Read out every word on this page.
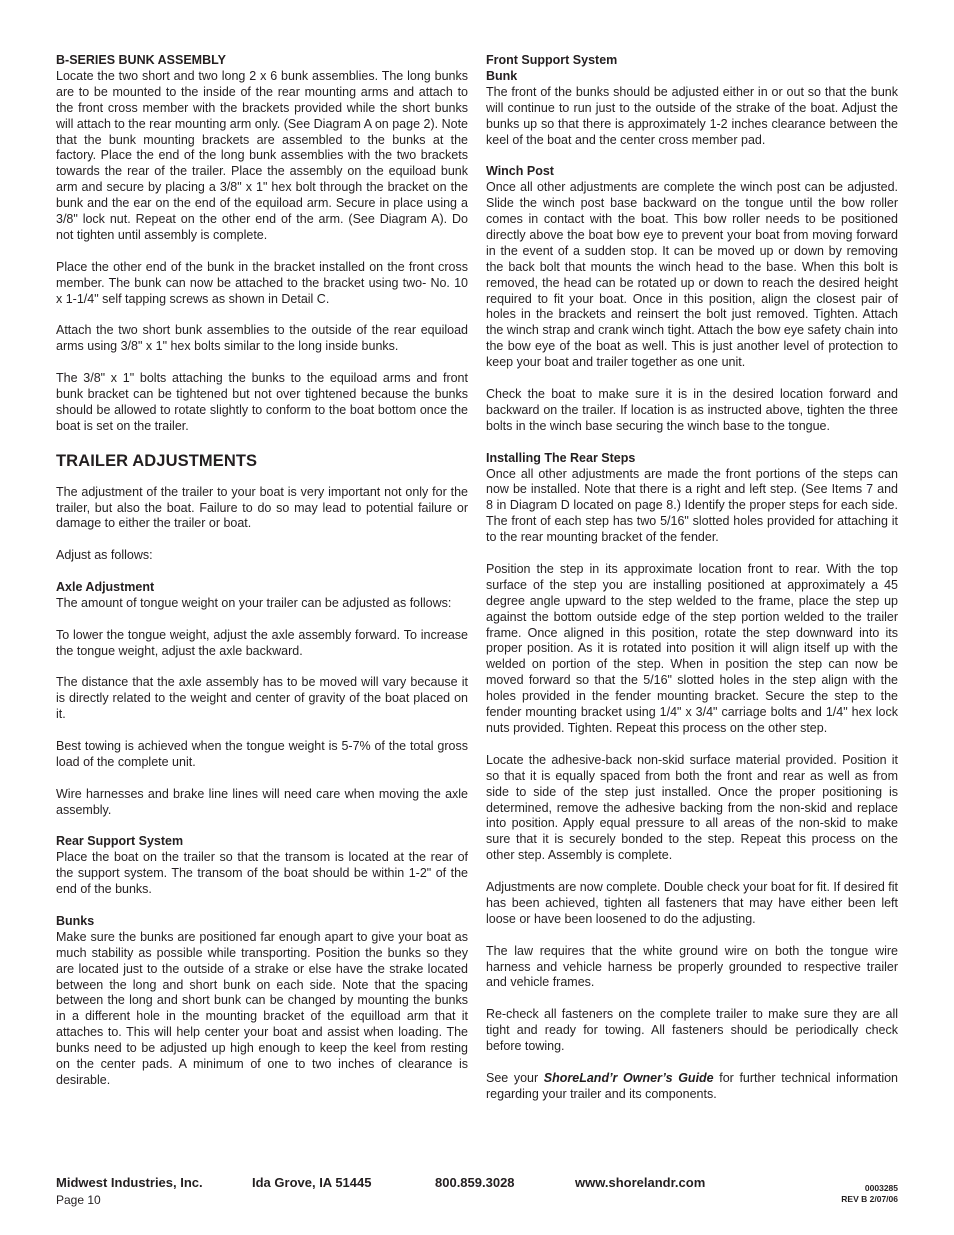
B-SERIES BUNK ASSEMBLY

Locate the two short and two long 2 x 6 bunk assemblies. The long bunks are to be mounted to the inside of the rear mounting arms and attach to the front cross member with the brackets provided while the short bunks will attach to the rear mounting arm only. (See Diagram A on page 2). Note that the bunk mounting brackets are assembled to the bunks at the factory. Place the end of the long bunk assemblies with the two brackets towards the rear of the trailer. Place the assembly on the equiload bunk arm and secure by placing a 3/8" x 1" hex bolt through the bracket on the bunk and the ear on the end of the equiload arm. Secure in place using a 3/8" lock nut. Repeat on the other end of the arm. (See Diagram A). Do not tighten until assembly is complete.

Place the other end of the bunk in the bracket installed on the front cross member. The bunk can now be attached to the bracket using two- No. 10 x 1-1/4" self tapping screws as shown in Detail C.

Attach the two short bunk assemblies to the outside of the rear equiload arms using 3/8" x 1" hex bolts similar to the long inside bunks.

The 3/8" x 1" bolts attaching the bunks to the equiload arms and front bunk bracket can be tightened but not over tightened because the bunks should be allowed to rotate slightly to conform to the boat bottom once the boat is set on the trailer.

TRAILER ADJUSTMENTS

The adjustment of the trailer to your boat is very important not only for the trailer, but also the boat. Failure to do so may lead to potential failure or damage to either the trailer or boat.

Adjust as follows:

Axle Adjustment

The amount of tongue weight on your trailer can be adjusted as follows:

To lower the tongue weight, adjust the axle assembly forward. To increase the tongue weight, adjust the axle backward.

The distance that the axle assembly has to be moved will vary because it is directly related to the weight and center of gravity of the boat placed on it.

Best towing is achieved when the tongue weight is 5-7% of the total gross load of the complete unit.

Wire harnesses and brake line lines will need care when moving the axle assembly.

Rear Support System

Place the boat on the trailer so that the transom is located at the rear of the support system. The transom of the boat should be within 1-2" of the end of the bunks.

Bunks

Make sure the bunks are positioned far enough apart to give your boat as much stability as possible while transporting. Position the bunks so they are located just to the outside of a strake or else have the strake located between the long and short bunk on each side. Note that the spacing between the long and short bunk can be changed by mounting the bunks in a different hole in the mounting bracket of the equilload arm that it attaches to. This will help center your boat and assist when loading. The bunks need to be adjusted up high enough to keep the keel from resting on the center pads. A minimum of one to two inches of clearance is desirable.

Front Support System
Bunk

The front of the bunks should be adjusted either in or out so that the bunk will continue to run just to the outside of the strake of the boat. Adjust the bunks up so that there is approximately 1-2 inches clearance between the keel of the boat and the center cross member pad.

Winch Post

Once all other adjustments are complete the winch post can be adjusted. Slide the winch post base backward on the tongue until the bow roller comes in contact with the boat. This bow roller needs to be positioned directly above the boat bow eye to prevent your boat from moving forward in the event of a sudden stop. It can be moved up or down by removing the back bolt that mounts the winch head to the base. When this bolt is removed, the head can be rotated up or down to reach the desired height required to fit your boat. Once in this position, align the closest pair of holes in the brackets and reinsert the bolt just removed. Tighten. Attach the winch strap and crank winch tight. Attach the bow eye safety chain into the bow eye of the boat as well. This is just another level of protection to keep your boat and trailer together as one unit.

Check the boat to make sure it is in the desired location forward and backward on the trailer. If location is as instructed above, tighten the three bolts in the winch base securing the winch base to the tongue.

Installing The Rear Steps

Once all other adjustments are made the front portions of the steps can now be installed. Note that there is a right and left step. (See Items 7 and 8 in Diagram D located on page 8.) Identify the proper steps for each side. The front of each step has two 5/16" slotted holes provided for attaching it to the rear mounting bracket of the fender.

Position the step in its approximate location front to rear. With the top surface of the step you are installing positioned at approximately a 45 degree angle upward to the step welded to the frame, place the step up against the bottom outside edge of the step portion welded to the trailer frame. Once aligned in this position, rotate the step downward into its proper position. As it is rotated into position it will align itself up with the welded on portion of the step. When in position the step can now be moved forward so that the 5/16" slotted holes in the step align with the holes provided in the fender mounting bracket. Secure the step to the fender mounting bracket using 1/4" x 3/4" carriage bolts and 1/4" hex lock nuts provided. Tighten. Repeat this process on the other step.

Locate the adhesive-back non-skid surface material provided. Position it so that it is equally spaced from both the front and rear as well as from side to side of the step just installed. Once the proper positioning is determined, remove the adhesive backing from the non-skid and replace into position. Apply equal pressure to all areas of the non-skid to make sure that it is securely bonded to the step. Repeat this process on the other step. Assembly is complete.

Adjustments are now complete. Double check your boat for fit. If desired fit has been achieved, tighten all fasteners that may have either been left loose or have been loosened to do the adjusting.

The law requires that the white ground wire on both the tongue wire harness and vehicle harness be properly grounded to respective trailer and vehicle frames.

Re-check all fasteners on the complete trailer to make sure they are all tight and ready for towing. All fasteners should be periodically check before towing.

See your ShoreLand’r Owner’s Guide for further technical information regarding your trailer and its components.

Midwest Industries, Inc.	Ida Grove, IA 51445	800.859.3028	www.shorelandr.com
Page 10
0003285
REV B 2/07/06
